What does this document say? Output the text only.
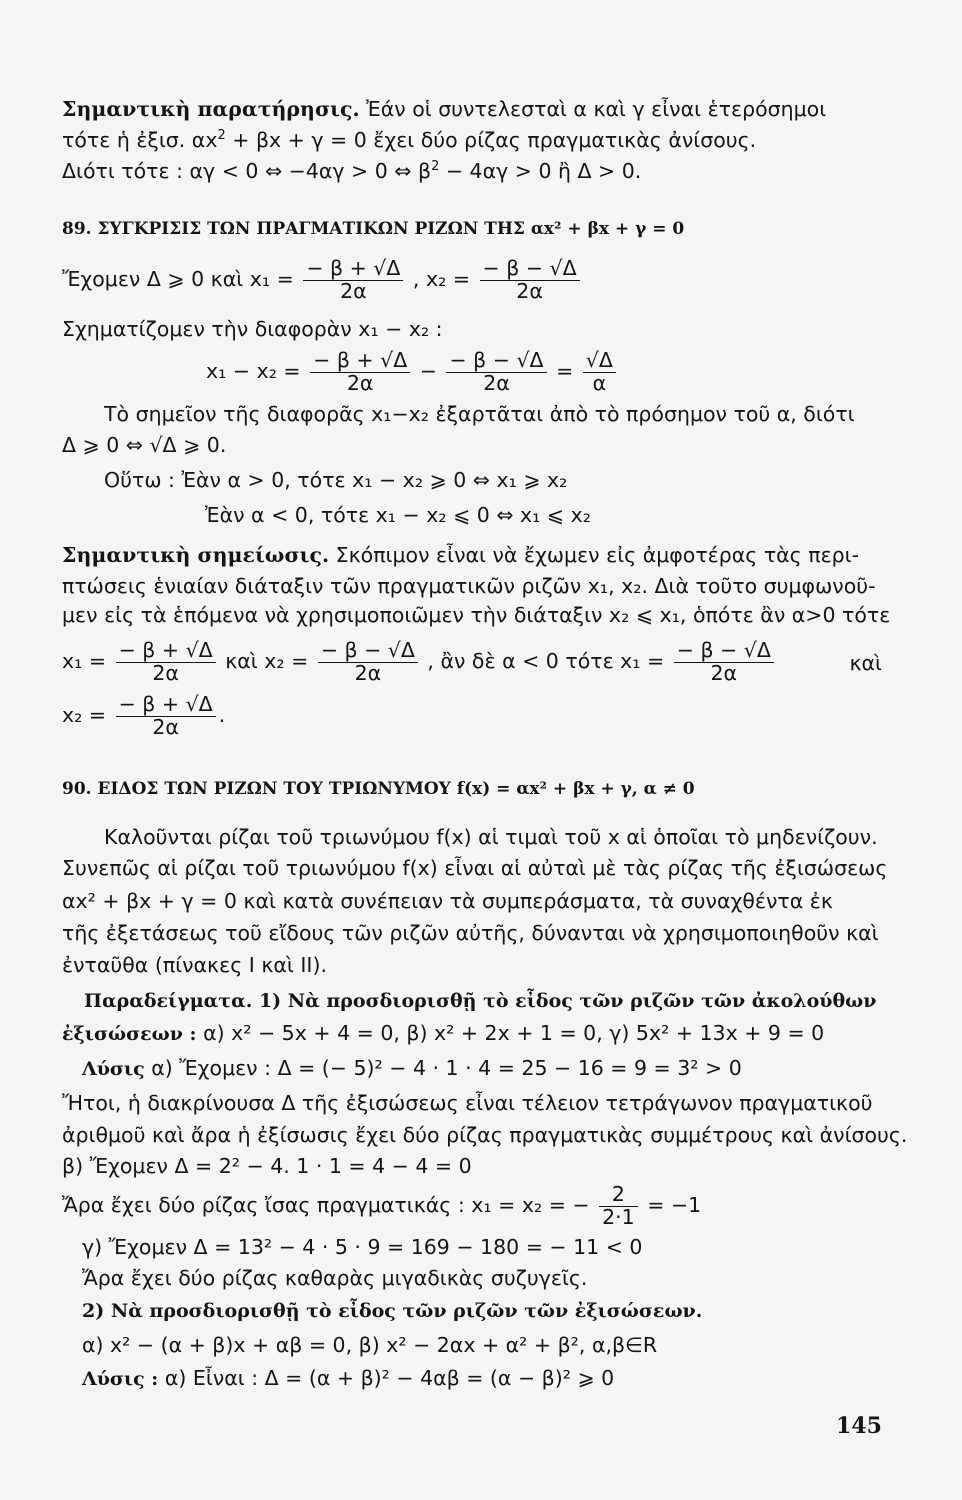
Σημαντικὴ παρατήρησις. Ἐάν οἱ συντελεσταὶ α καὶ γ εἶναι ἑτερόσημοι
τότε ἡ ἐξισ. $\alpha x^2 + \beta x + \gamma = 0$ ἔχει δύο ρίζας πραγματικὰς ἀνίσους.
Διότι τότε : αγ < 0 ⇔ −4αγ > 0 ⇔ $\beta^2 - 4\alpha\gamma > 0$ ἢ Δ > 0.
89. ΣΥΓΚΡΙΣΙΣ ΤΩΝ ΠΡΑΓΜΑΤΙΚΩΝ ΡΙΖΩΝ ΤΗΣ αx² + βx + γ = 0
Ἔχομεν Δ ⩾ 0 καὶ $x_1 = \frac{- \beta + √\Delta}{2\alpha}$ , $x_2 = \frac{- \beta - √\Delta}{2\alpha}$
Σχηματίζομεν τὴν διαφορὰν x₁ − x₂ :
$x_1 - x_2 = \frac{- \beta + √\Delta}{2\alpha} - \frac{- \beta - √\Delta}{2\alpha} = \frac{√\Delta}{\alpha}$
Τὸ σημεῖον τῆς διαφορᾶς x₁−x₂ ἐξαρτᾶται ἀπὸ τὸ πρόσημον τοῦ α, διότι
Δ ⩾ 0 ⇔ √Δ ⩾ 0.
Οὕτω : Ἐὰν α > 0, τότε x₁ − x₂ ⩾ 0 ⇔ x₁ ⩾ x₂
Ἐὰν α < 0, τότε x₁ − x₂ ⩽ 0 ⇔ x₁ ⩽ x₂
Σημαντικὴ σημείωσις. Σκόπιμον εἶναι νὰ ἔχωμεν εἰς ἀμφοτέρας τὰς περι-
πτώσεις ἑνιαίαν διάταξιν τῶν πραγματικῶν ριζῶν x₁, x₂. Διὰ τοῦτο συμφωνοῦ-
μεν εἰς τὰ ἑπόμενα νὰ χρησιμοποιῶμεν τὴν διάταξιν x₂ ⩽ x₁, ὁπότε ἂν α>0 τότε
$x_1 = \frac{- \beta + √\Delta}{2\alpha}$ καὶ $x_2 = \frac{- \beta - √\Delta}{2\alpha}$ , ἂν δὲ α < 0 τότε $x_1 = \frac{- \beta - √\Delta}{2\alpha}$	καὶ
$x_2 = \frac{- \beta + √\Delta}{2\alpha}$ .
90. ΕΙΔΟΣ ΤΩΝ ΡΙΖΩΝ ΤΟΥ ΤΡΙΩΝΥΜΟΥ f(x) = αx² + βx + γ, α ≠ 0
Καλοῦνται ρίζαι τοῦ τριωνύμου f(x) αἱ τιμαὶ τοῦ x αἱ ὁποῖαι τὸ μηδενίζουν.
Συνεπῶς αἱ ρίζαι τοῦ τριωνύμου f(x) εἶναι αἱ αὐταὶ μὲ τὰς ρίζας τῆς ἐξισώσεως
αx² + βx + γ = 0 καὶ κατὰ συνέπειαν τὰ συμπεράσματα, τὰ συναχθέντα ἐκ
τῆς ἐξετάσεως τοῦ εἴδους τῶν ριζῶν αὐτῆς, δύνανται νὰ χρησιμοποιηθοῦν καὶ
ἐνταῦθα (πίνακες I καὶ II).
Παραδείγματα. 1) Νὰ προσδιορισθῇ τὸ εἶδος τῶν ριζῶν τῶν ἀκολούθων
ἐξισώσεων : α) x² − 5x + 4 = 0, β) x² + 2x + 1 = 0, γ) 5x² + 13x + 9 = 0
Λύσις α) Ἔχομεν : Δ = (− 5)² − 4 · 1 · 4 = 25 − 16 = 9 = 3² > 0
Ἤτοι, ἡ διακρίνουσα Δ τῆς ἐξισώσεως εἶναι τέλειον τετράγωνον πραγματικοῦ
ἀριθμοῦ καὶ ἄρα ἡ ἐξίσωσις ἔχει δύο ρίζας πραγματικὰς συμμέτρους καὶ ἀνίσους.
β) Ἔχομεν Δ = 2² − 4. 1 · 1 = 4 − 4 = 0
Ἄρα ἔχει δύο ρίζας ἴσας πραγματικάς : x₁ = x₂ = − $\frac{2}{2\cdot 1} = -1$
γ) Ἔχομεν Δ = 13² − 4 · 5 · 9 = 169 − 180 = − 11 < 0
Ἄρα ἔχει δύο ρίζας καθαρὰς μιγαδικὰς συζυγεῖς.
2) Νὰ προσδιορισθῇ τὸ εἶδος τῶν ριζῶν τῶν ἐξισώσεων.
α) x² − (α + β)x + αβ = 0, β) x² − 2αx + α² + β², α,β∈R
Λύσις : α) Εἶναι : Δ = (α + β)² − 4αβ = (α − β)² ⩾ 0
145
